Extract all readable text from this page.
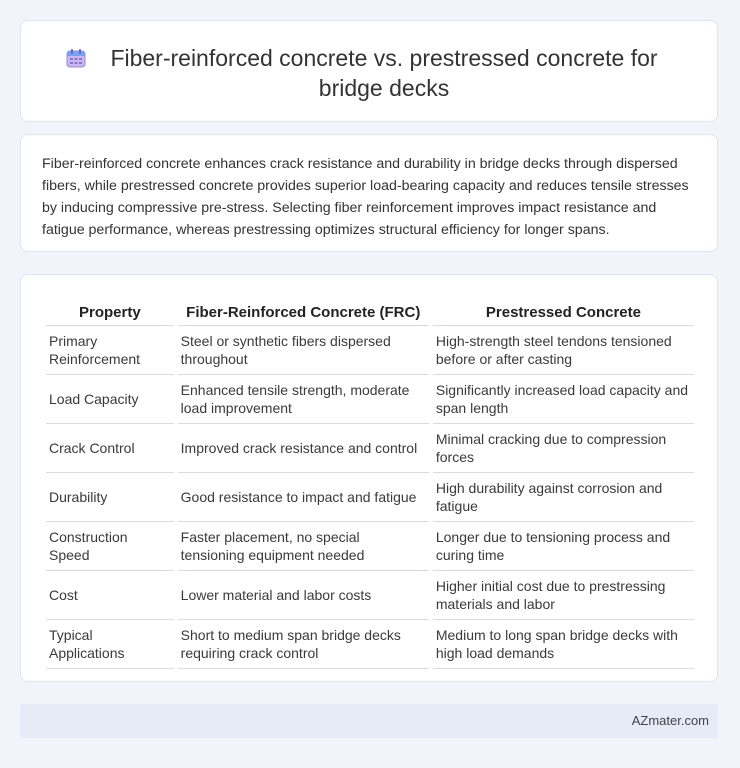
Fiber-reinforced concrete vs. prestressed concrete for bridge decks

Fiber-reinforced concrete enhances crack resistance and durability in bridge decks through dispersed fibers, while prestressed concrete provides superior load-bearing capacity and reduces tensile stresses by inducing compressive pre-stress. Selecting fiber reinforcement improves impact resistance and fatigue performance, whereas prestressing optimizes structural efficiency for longer spans.

Property	Fiber-Reinforced Concrete (FRC)	Prestressed Concrete
Primary Reinforcement	Steel or synthetic fibers dispersed throughout	High-strength steel tendons tensioned before or after casting
Load Capacity	Enhanced tensile strength, moderate load improvement	Significantly increased load capacity and span length
Crack Control	Improved crack resistance and control	Minimal cracking due to compression forces
Durability	Good resistance to impact and fatigue	High durability against corrosion and fatigue
Construction Speed	Faster placement, no special tensioning equipment needed	Longer due to tensioning process and curing time
Cost	Lower material and labor costs	Higher initial cost due to prestressing materials and labor
Typical Applications	Short to medium span bridge decks requiring crack control	Medium to long span bridge decks with high load demands
AZmater.com
